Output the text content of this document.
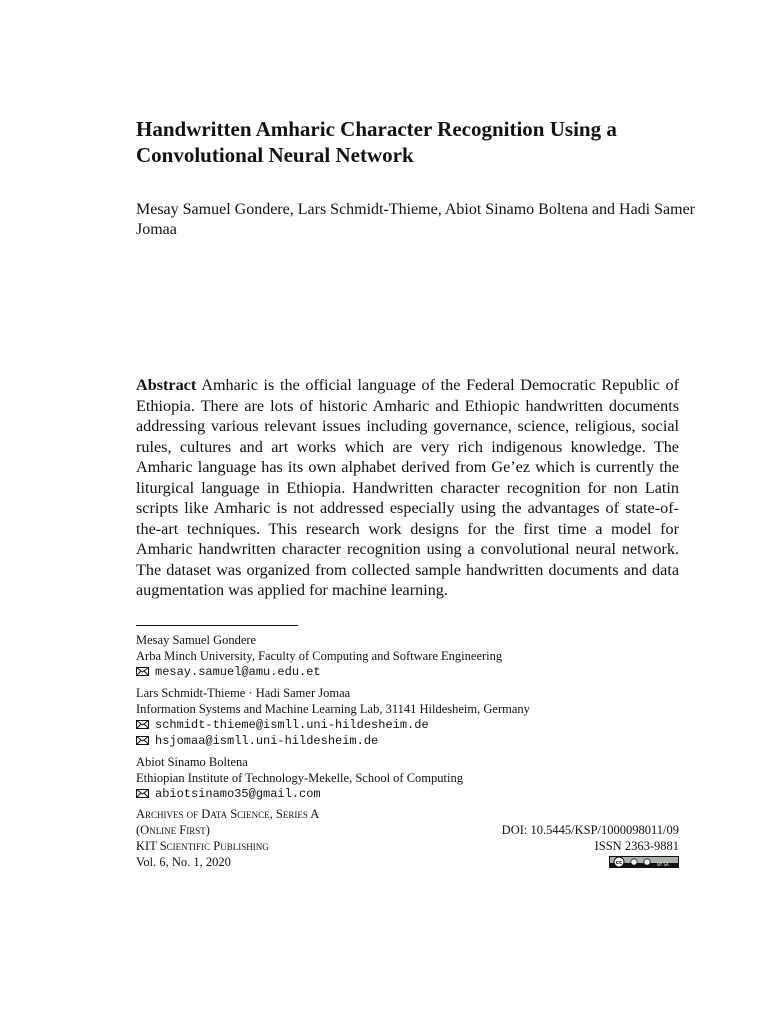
Handwritten Amharic Character Recognition Using a Convolutional Neural Network

Mesay Samuel Gondere, Lars Schmidt-Thieme, Abiot Sinamo Boltena and Hadi Samer Jomaa

Abstract Amharic is the official language of the Federal Democratic Republic of Ethiopia. There are lots of historic Amharic and Ethiopic handwritten documents addressing various relevant issues including governance, science, religious, social rules, cultures and art works which are very rich indigenous knowledge. The Amharic language has its own alphabet derived from Ge’ez which is currently the liturgical language in Ethiopia. Handwritten character recognition for non Latin scripts like Amharic is not addressed especially using the advantages of state-of-the-art techniques. This research work designs for the first time a model for Amharic handwritten character recognition using a convolutional neural network. The dataset was organized from collected sample handwritten documents and data augmentation was applied for machine learning.

Mesay Samuel Gondere
Arba Minch University, Faculty of Computing and Software Engineering
mesay.samuel@amu.edu.et
Lars Schmidt-Thieme · Hadi Samer Jomaa
Information Systems and Machine Learning Lab, 31141 Hildesheim, Germany
schmidt-thieme@ismll.uni-hildesheim.de
hsjomaa@ismll.uni-hildesheim.de
Abiot Sinamo Boltena
Ethiopian Institute of Technology-Mekelle, School of Computing
abiotsinamo35@gmail.com
Archives of Data Science, Series A
(Online First)	DOI: 10.5445/KSP/1000098011/09
KIT Scientific Publishing	ISSN 2363-9881
Vol. 6, No. 1, 2020	cc	BY SA
